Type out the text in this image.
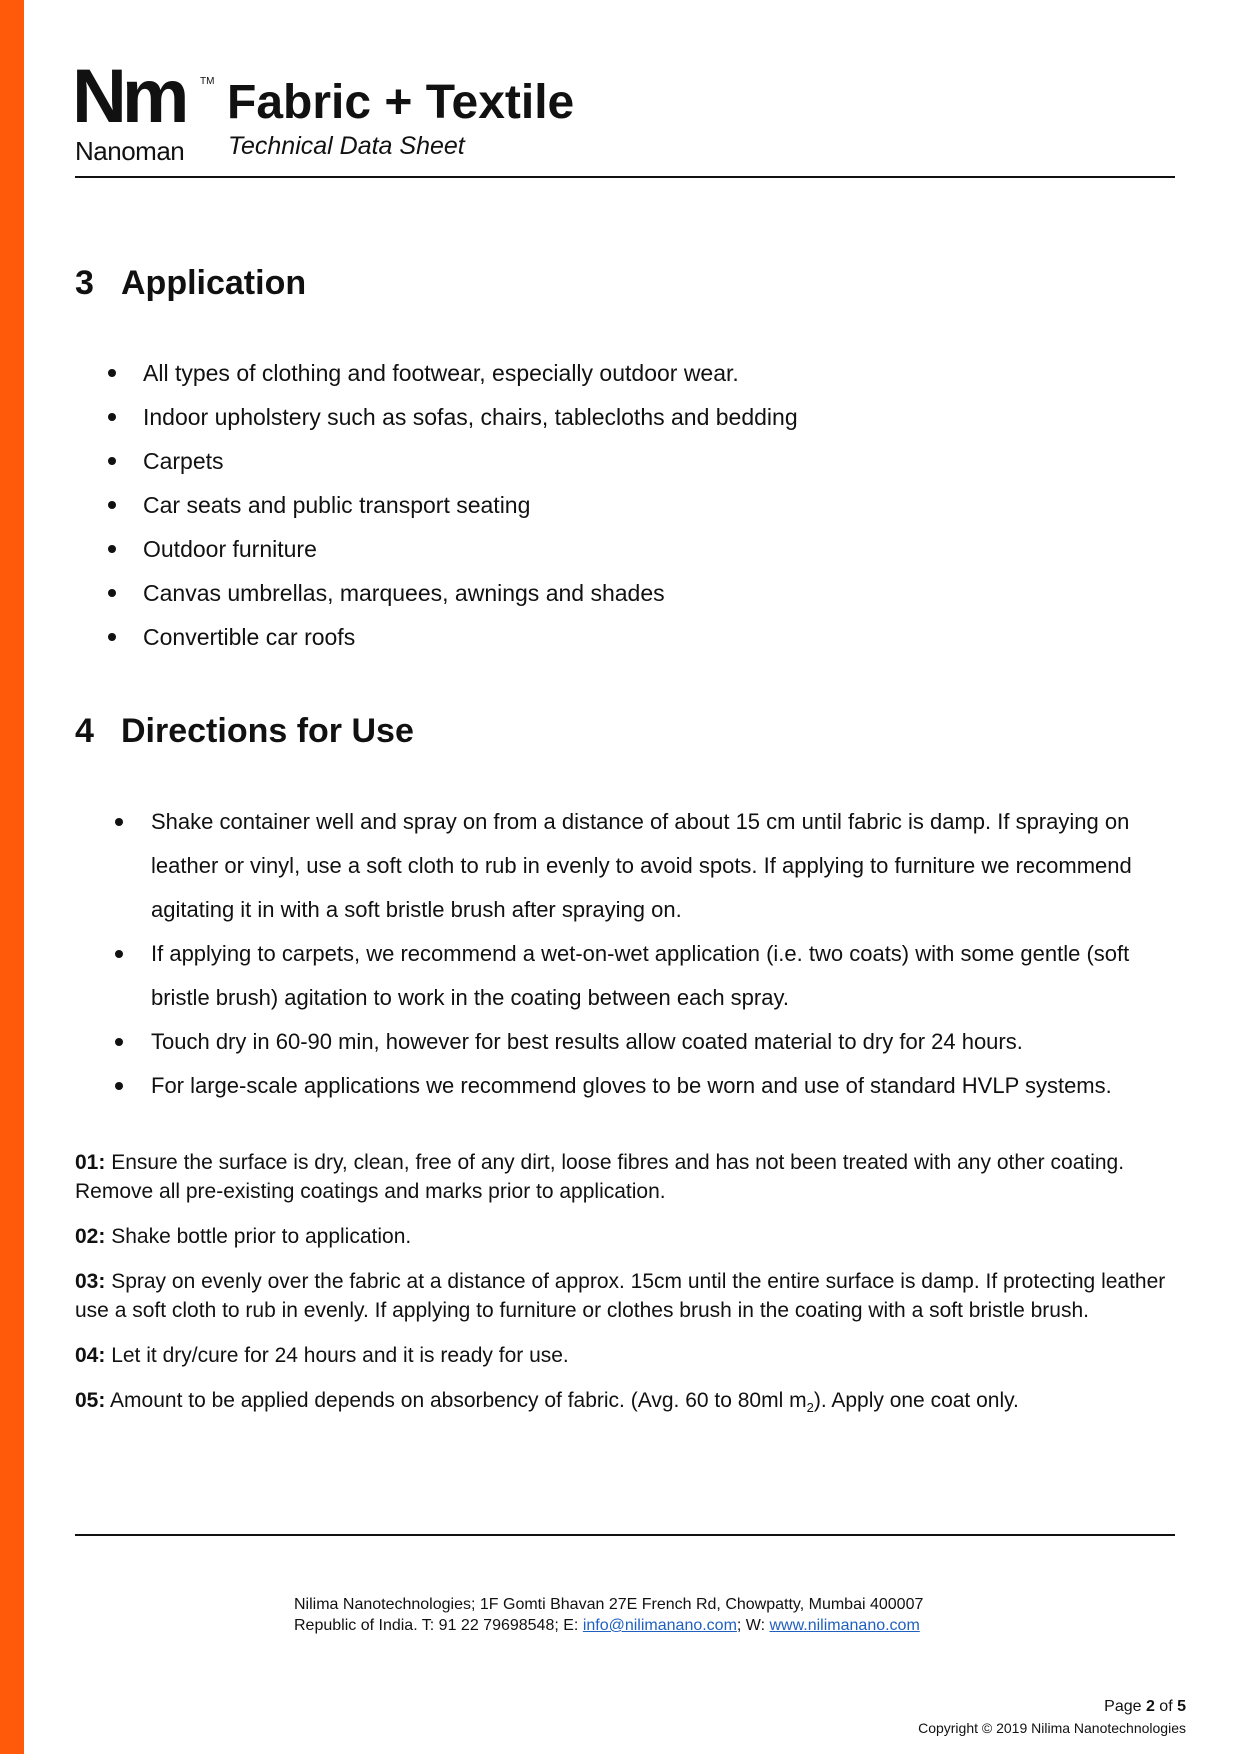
Nm TM
Nanoman
Fabric + Textile
Technical Data Sheet
3 Application
All types of clothing and footwear, especially outdoor wear.
Indoor upholstery such as sofas, chairs, tablecloths and bedding
Carpets
Car seats and public transport seating
Outdoor furniture
Canvas umbrellas, marquees, awnings and shades
Convertible car roofs
4 Directions for Use
Shake container well and spray on from a distance of about 15 cm until fabric is damp. If spraying on leather or vinyl, use a soft cloth to rub in evenly to avoid spots. If applying to furniture we recommend agitating it in with a soft bristle brush after spraying on.
If applying to carpets, we recommend a wet-on-wet application (i.e. two coats) with some gentle (soft bristle brush) agitation to work in the coating between each spray.
Touch dry in 60-90 min, however for best results allow coated material to dry for 24 hours.
For large-scale applications we recommend gloves to be worn and use of standard HVLP systems.

01: Ensure the surface is dry, clean, free of any dirt, loose fibres and has not been treated with any other coating. Remove all pre-existing coatings and marks prior to application.

02: Shake bottle prior to application.

03: Spray on evenly over the fabric at a distance of approx. 15cm until the entire surface is damp. If protecting leather use a soft cloth to rub in evenly. If applying to furniture or clothes brush in the coating with a soft bristle brush.

04: Let it dry/cure for 24 hours and it is ready for use.

05: Amount to be applied depends on absorbency of fabric. (Avg. 60 to 80ml $m_2$). Apply one coat only.

Nilima Nanotechnologies; 1F Gomti Bhavan 27E French Rd, Chowpatty, Mumbai 400007
Republic of India. T: 91 22 79698548; E: info@nilimanano.com; W: www.nilimanano.com
Page 2 of 5
Copyright © 2019 Nilima Nanotechnologies
